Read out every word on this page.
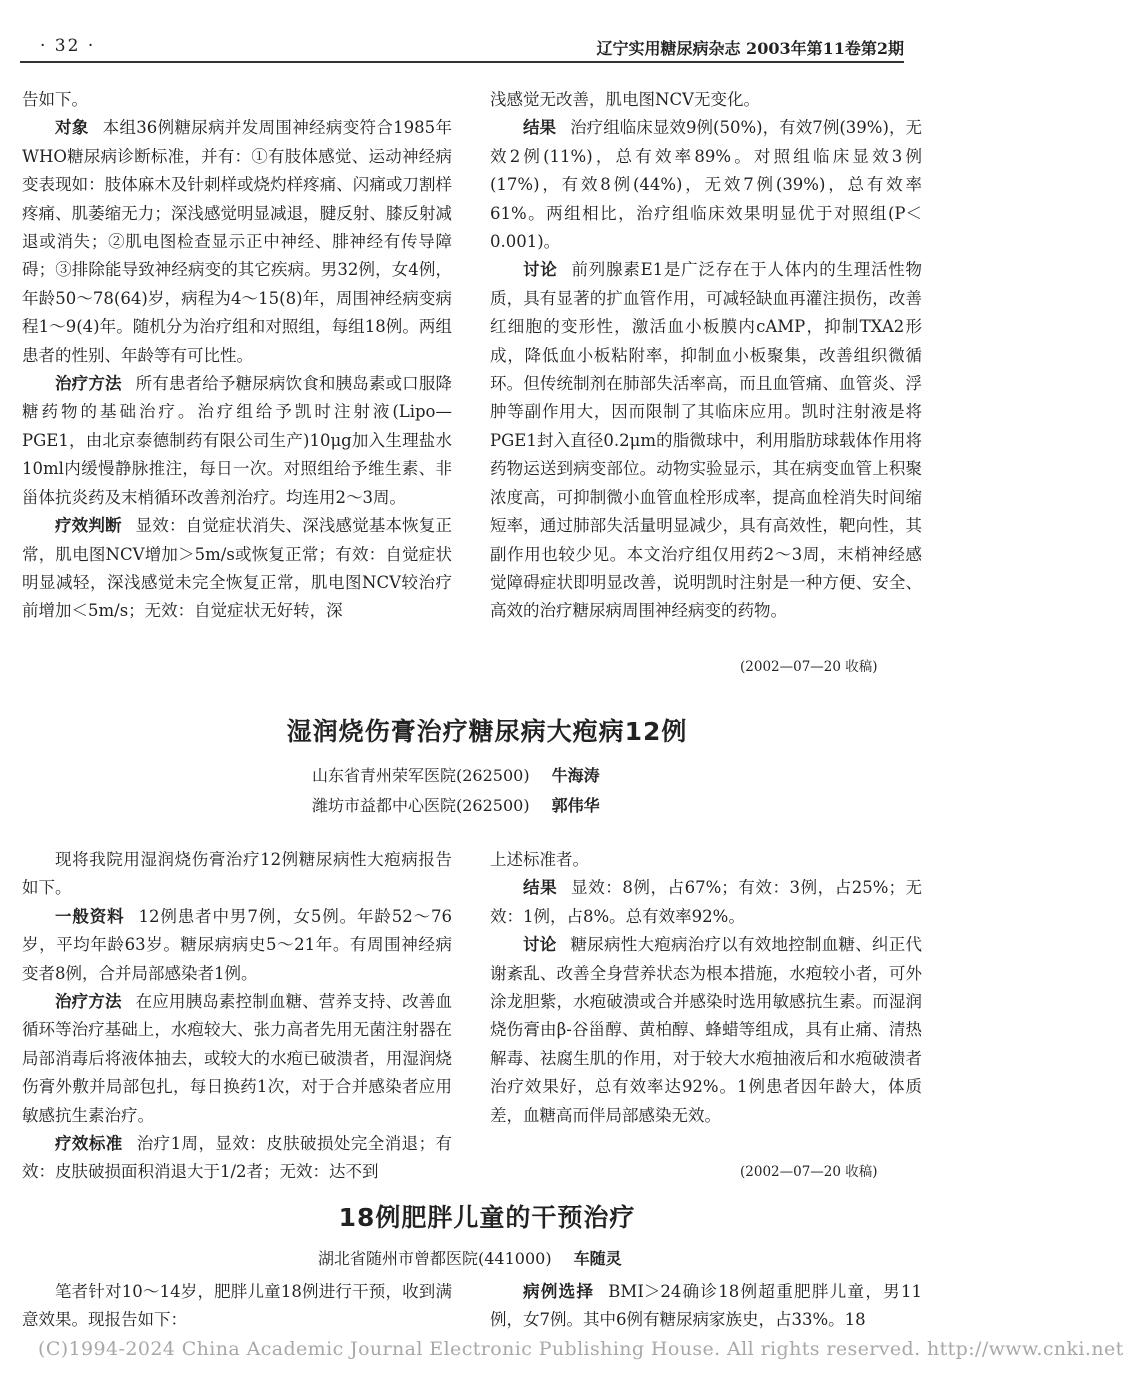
· 32 ·	辽宁实用糖尿病杂志 2003年第11卷第2期

告如下。

对象 本组36例糖尿病并发周围神经病变符合1985年WHO糖尿病诊断标准，并有：①有肢体感觉、运动神经病变表现如：肢体麻木及针刺样或烧灼样疼痛、闪痛或刀割样疼痛、肌萎缩无力；深浅感觉明显减退，腱反射、膝反射减退或消失；②肌电图检查显示正中神经、腓神经有传导障碍；③排除能导致神经病变的其它疾病。男32例，女4例，年龄50～78(64)岁，病程为4～15(8)年，周围神经病变病程1～9(4)年。随机分为治疗组和对照组，每组18例。两组患者的性别、年龄等有可比性。

治疗方法 所有患者给予糖尿病饮食和胰岛素或口服降糖药物的基础治疗。治疗组给予凯时注射液(Lipo—PGE1，由北京泰德制药有限公司生产)10μg加入生理盐水10ml内缓慢静脉推注，每日一次。对照组给予维生素、非甾体抗炎药及末梢循环改善剂治疗。均连用2～3周。

疗效判断 显效：自觉症状消失、深浅感觉基本恢复正常，肌电图NCV增加＞5m/s或恢复正常；有效：自觉症状明显减轻，深浅感觉未完全恢复正常，肌电图NCV较治疗前增加＜5m/s；无效：自觉症状无好转，深

浅感觉无改善，肌电图NCV无变化。

结果 治疗组临床显效9例(50%)，有效7例(39%)，无效2例(11%)，总有效率89%。对照组临床显效3例(17%)，有效8例(44%)，无效7例(39%)，总有效率61%。两组相比，治疗组临床效果明显优于对照组(P＜0.001)。

讨论 前列腺素E1是广泛存在于人体内的生理活性物质，具有显著的扩血管作用，可减轻缺血再灌注损伤，改善红细胞的变形性，激活血小板膜内cAMP，抑制TXA2形成，降低血小板粘附率，抑制血小板聚集，改善组织微循环。但传统制剂在肺部失活率高，而且血管痛、血管炎、浮肿等副作用大，因而限制了其临床应用。凯时注射液是将PGE1封入直径0.2μm的脂微球中，利用脂肪球载体作用将药物运送到病变部位。动物实验显示，其在病变血管上积聚浓度高，可抑制微小血管血栓形成率，提高血栓消失时间缩短率，通过肺部失活量明显减少，具有高效性，靶向性，其副作用也较少见。本文治疗组仅用药2～3周，末梢神经感觉障碍症状即明显改善，说明凯时注射是一种方便、安全、高效的治疗糖尿病周围神经病变的药物。

(2002—07—20 收稿)
湿润烧伤膏治疗糖尿病大疱病12例
山东省青州荣军医院(262500) 牛海涛
潍坊市益都中心医院(262500) 郭伟华

现将我院用湿润烧伤膏治疗12例糖尿病性大疱病报告如下。

一般资料 12例患者中男7例，女5例。年龄52～76岁，平均年龄63岁。糖尿病病史5～21年。有周围神经病变者8例，合并局部感染者1例。

治疗方法 在应用胰岛素控制血糖、营养支持、改善血循环等治疗基础上，水疱较大、张力高者先用无菌注射器在局部消毒后将液体抽去，或较大的水疱已破溃者，用湿润烧伤膏外敷并局部包扎，每日换药1次，对于合并感染者应用敏感抗生素治疗。

疗效标准 治疗1周，显效：皮肤破损处完全消退；有效：皮肤破损面积消退大于1/2者；无效：达不到

上述标准者。

结果 显效：8例，占67%；有效：3例，占25%；无效：1例，占8%。总有效率92%。

讨论 糖尿病性大疱病治疗以有效地控制血糖、纠正代谢紊乱、改善全身营养状态为根本措施，水疱较小者，可外涂龙胆紫，水疱破溃或合并感染时选用敏感抗生素。而湿润烧伤膏由β-谷甾醇、黄柏醇、蜂蜡等组成，具有止痛、清热解毒、祛腐生肌的作用，对于较大水疱抽液后和水疱破溃者治疗效果好，总有效率达92%。1例患者因年龄大，体质差，血糖高而伴局部感染无效。

(2002—07—20 收稿)
18例肥胖儿童的干预治疗
湖北省随州市曾都医院(441000) 车随灵

笔者针对10～14岁，肥胖儿童18例进行干预，收到满意效果。现报告如下：

病例选择 BMI＞24确诊18例超重肥胖儿童，男11例，女7例。其中6例有糖尿病家族史，占33%。18

(C)1994-2024 China Academic Journal Electronic Publishing House. All rights reserved. http://www.cnki.net
